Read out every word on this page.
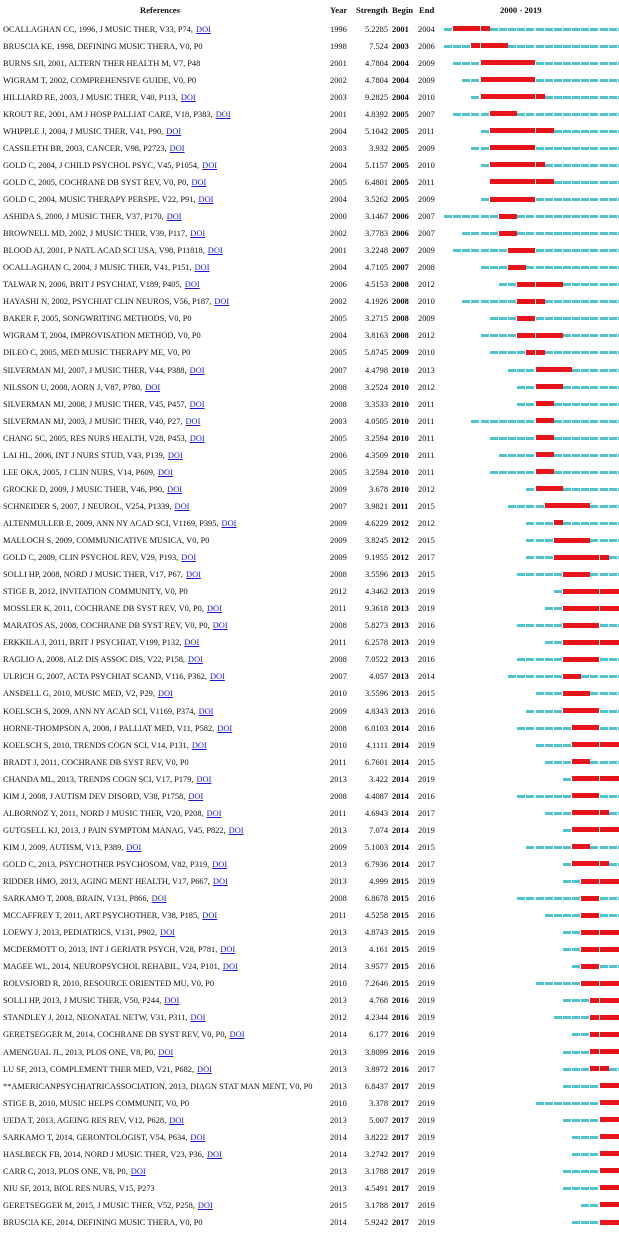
References	Year Strength Begin End	2000 - 2019
OCALLAGHAN CC, 1996, J MUSIC THER, V33, P74, DOI	1996	5.2285 2001	2004
BRUSCIA KE, 1998, DEFINING MUSIC THERA, V0, P0	1998	7.524 2003	2006
BURNS SJI, 2001, ALTERN THER HEALTH M, V7, P48	2001	4.7804 2004	2009
WIGRAM T, 2002, COMPREHENSIVE GUIDE, V0, P0	2002	4.7804 2004	2009
HILLIARD RE, 2003, J MUSIC THER, V40, P113, DOI	2003	9.2825 2004	2010
KROUT RE, 2001, AM J HOSP PALLIAT CARE, V18, P383, DOI	2001	4.8392 2005	2007
WHIPPLE J, 2004, J MUSIC THER, V41, P90, DOI	2004	5.1042 2005	2011
CASSILETH BR, 2003, CANCER, V98, P2723, DOI	2003	3.932 2005	2009
GOLD C, 2004, J CHILD PSYCHOL PSYC, V45, P1054, DOI	2004	5.1157 2005	2010
GOLD C, 2005, COCHRANE DB SYST REV, V0, P0, DOI	2005	6.4801 2005	2011
GOLD C, 2004, MUSIC THERAPY PERSPE, V22, P91, DOI	2004	3.5262 2005	2009
ASHIDA S, 2000, J MUSIC THER, V37, P170, DOI	2000	3.1467 2006	2007
BROWNELL MD, 2002, J MUSIC THER, V39, P117, DOI	2002	3.7783 2006	2007
BLOOD AJ, 2001, P NATL ACAD SCI USA, V98, P11818, DOI	2001	3.2248 2007	2009
OCALLAGHAN C, 2004, J MUSIC THER, V41, P151, DOI	2004	4.7105 2007	2008
TALWAR N, 2006, BRIT J PSYCHIAT, V189, P405, DOI	2006	4.5153 2008	2012
HAYASHI N, 2002, PSYCHIAT CLIN NEUROS, V56, P187, DOI	2002	4.1926 2008	2010
BAKER F, 2005, SONGWRITING METHODS, V0, P0	2005	3.2715 2008	2009
WIGRAM T, 2004, IMPROVISATION METHOD, V0, P0	2004	3.8163 2008	2012
DILEO C, 2005, MED MUSIC THERAPY ME, V0, P0	2005	5.8745 2009	2010
SILVERMAN MJ, 2007, J MUSIC THER, V44, P388, DOI	2007	4.4798 2010	2013
NILSSON U, 2008, AORN J, V87, P780, DOI	2008	3.2524 2010	2012
SILVERMAN MJ, 2008, J MUSIC THER, V45, P457, DOI	2008	3.3533 2010	2011
SILVERMAN MJ, 2003, J MUSIC THER, V40, P27, DOI	2003	4.0505 2010	2011
CHANG SC, 2005, RES NURS HEALTH, V28, P453, DOI	2005	3.2594 2010	2011
LAI HL, 2006, INT J NURS STUD, V43, P139, DOI	2006	4.3509 2010	2011
LEE OKA, 2005, J CLIN NURS, V14, P609, DOI	2005	3.2594 2010	2011
GROCKE D, 2009, J MUSIC THER, V46, P90, DOI	2009	3.678 2010	2012
SCHNEIDER S, 2007, J NEUROL, V254, P1339, DOI	2007	3.9821 2011	2015
ALTENMULLER E, 2009, ANN NY ACAD SCI, V1169, P395, DOI	2009	4.6229 2012	2012
MALLOCH S, 2009, COMMUNICATIVE MUSICA, V0, P0	2009	3.8245 2012	2015
GOLD C, 2009, CLIN PSYCHOL REV, V29, P193, DOI	2009	9.1955 2012	2017
SOLLI HP, 2008, NORD J MUSIC THER, V17, P67, DOI	2008	3.5596 2013	2015
STIGE B, 2012, INVITATION COMMUNITY, V0, P0	2012	4.3462 2013	2019
MOSSLER K, 2011, COCHRANE DB SYST REV, V0, P0, DOI	2011	9.3618 2013	2019
MARATOS AS, 2008, COCHRANE DB SYST REV, V0, P0, DOI	2008	5.8273 2013	2016
ERKKILA J, 2011, BRIT J PSYCHIAT, V199, P132, DOI	2011	6.2578 2013	2019
RAGLIO A, 2008, ALZ DIS ASSOC DIS, V22, P158, DOI	2008	7.0522 2013	2016
ULRICH G, 2007, ACTA PSYCHIAT SCAND, V116, P362, DOI	2007	4.057 2013	2014
ANSDELL G, 2010, MUSIC MED, V2, P29, DOI	2010	3.5596 2013	2015
KOELSCH S, 2009, ANN NY ACAD SCI, V1169, P374, DOI	2009	4.8343 2013	2016
HORNE-THOMPSON A, 2008, J PALLIAT MED, V11, P582, DOI	2008	6.0103 2014	2016
KOELSCH S, 2010, TRENDS COGN SCI, V14, P131, DOI	2010	4.1111 2014	2019
BRADT J, 2011, COCHRANE DB SYST REV, V0, P0	2011	6.7601 2014	2015
CHANDA ML, 2013, TRENDS COGN SCI, V17, P179, DOI	2013	3.422 2014	2019
KIM J, 2008, J AUTISM DEV DISORD, V38, P1758, DOI	2008	4.4087 2014	2016
ALBORNOZ Y, 2011, NORD J MUSIC THER, V20, P208, DOI	2011	4.6943 2014	2017
GUTGSELL KJ, 2013, J PAIN SYMPTOM MANAG, V45, P822, DOI	2013	7.074 2014	2019
KIM J, 2009, AUTISM, V13, P389, DOI	2009	5.1003 2014	2015
GOLD C, 2013, PSYCHOTHER PSYCHOSOM, V82, P319, DOI	2013	6.7936 2014	2017
RIDDER HMO, 2013, AGING MENT HEALTH, V17, P667, DOI	2013	4.999 2015	2019
SARKAMO T, 2008, BRAIN, V131, P866, DOI	2008	6.8678 2015	2016
MCCAFFREY T, 2011, ART PSYCHOTHER, V38, P185, DOI	2011	4.5258 2015	2016
LOEWY J, 2013, PEDIATRICS, V131, P902, DOI	2013	4.8743 2015	2019
MCDERMOTT O, 2013, INT J GERIATR PSYCH, V28, P781, DOI	2013	4.161 2015	2019
MAGEE WL, 2014, NEUROPSYCHOL REHABIL, V24, P101, DOI	2014	3.9577 2015	2016
ROLVSJORD R, 2010, RESOURCE ORIENTED MU, V0, P0	2010	7.2646 2015	2019
SOLLI HP, 2013, J MUSIC THER, V50, P244, DOI	2013	4.768 2016	2019
STANDLEY J, 2012, NEONATAL NETW, V31, P311, DOI	2012	4.2344 2016	2019
GERETSEGGER M, 2014, COCHRANE DB SYST REV, V0, P0, DOI	2014	6.177 2016	2019
AMENGUAL JL, 2013, PLOS ONE, V8, P0, DOI	2013	3.8099 2016	2019
LU SF, 2013, COMPLEMENT THER MED, V21, P682, DOI	2013	3.8972 2016	2017
**AMERICANPSYCHIATRICASSOCIATION, 2013, DIAGN STAT MAN MENT, V0, P0	2013	6.8437 2017	2019
STIGE B, 2010, MUSIC HELPS COMMUNIT, V0, P0	2010	3.378 2017	2019
UEDA T, 2013, AGEING RES REV, V12, P628, DOI	2013	5.007 2017	2019
SARKAMO T, 2014, GERONTOLOGIST, V54, P634, DOI	2014	3.8222 2017	2019
HASLBECK FB, 2014, NORD J MUSIC THER, V23, P36, DOI	2014	3.2742 2017	2019
CARR C, 2013, PLOS ONE, V8, P0, DOI	2013	3.1788 2017	2019
NIU SF, 2013, BIOL RES NURS, V15, P273	2013	4.5491 2017	2019
GERETSEGGER M, 2015, J MUSIC THER, V52, P258, DOI	2015	3.1788 2017	2019
BRUSCIA KE, 2014, DEFINING MUSIC THERA, V0, P0	2014	5.9242 2017	2019
